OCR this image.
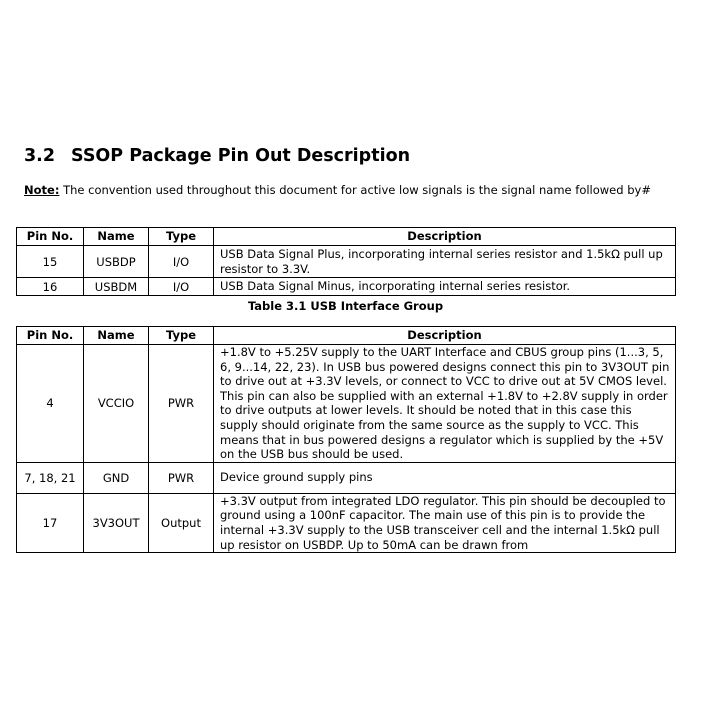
3.2 SSOP Package Pin Out Description
Note: The convention used throughout this document for active low signals is the signal name followed by#
Pin No.	Name	Type	Description
15	USBDP	I/O	USB Data Signal Plus, incorporating internal series resistor and 1.5kΩ pull up resistor to 3.3V.
16	USBDM	I/O	USB Data Signal Minus, incorporating internal series resistor.
Table 3.1 USB Interface Group
Pin No.	Name	Type	Description
4	VCCIO	PWR	+1.8V to +5.25V supply to the UART Interface and CBUS group pins (1...3, 5, 6, 9...14, 22, 23). In USB bus powered designs connect this pin to 3V3OUT pin to drive out at +3.3V levels, or connect to VCC to drive out at 5V CMOS level. This pin can also be supplied with an external +1.8V to +2.8V supply in order to drive outputs at lower levels. It should be noted that in this case this supply should originate from the same source as the supply to VCC. This means that in bus powered designs a regulator which is supplied by the +5V on the USB bus should be used.
7, 18, 21	GND	PWR	Device ground supply pins
17	3V3OUT	Output	+3.3V output from integrated LDO regulator. This pin should be decoupled to ground using a 100nF capacitor. The main use of this pin is to provide the internal +3.3V supply to the USB transceiver cell and the internal 1.5kΩ pull up resistor on USBDP. Up to 50mA can be drawn from
